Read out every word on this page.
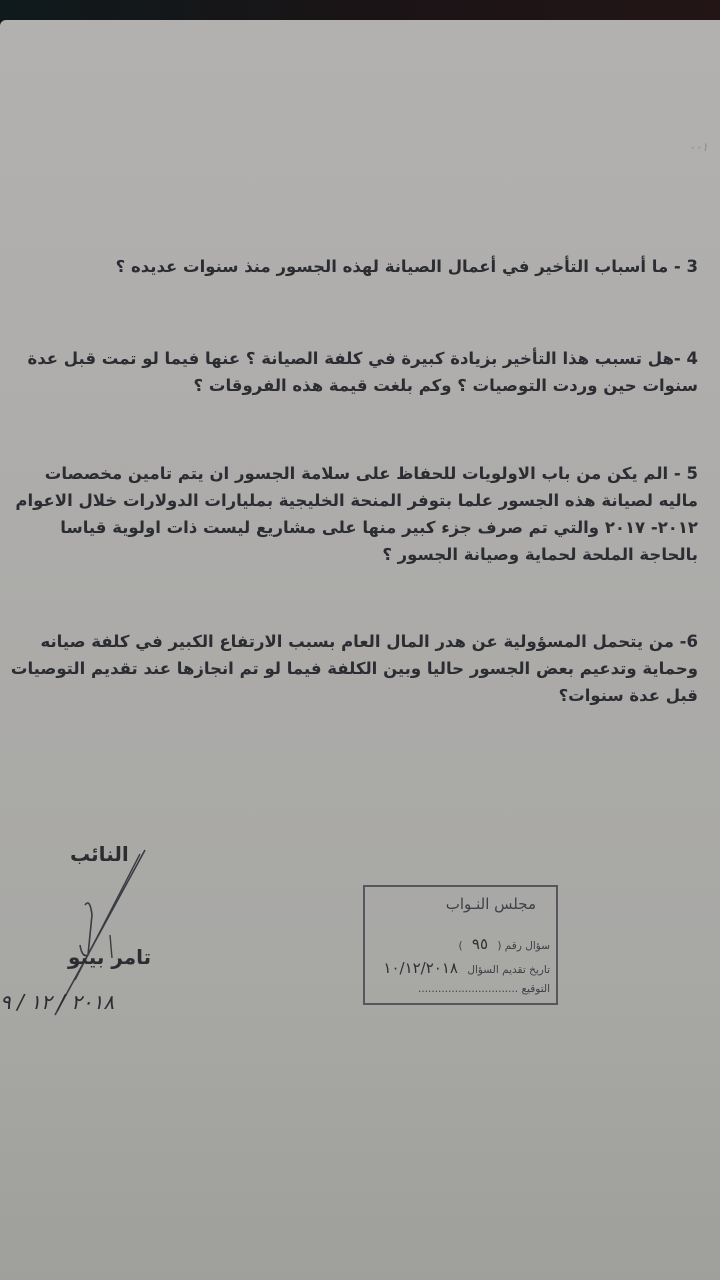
٠٠١
3 - ما أسباب التأخير في أعمال الصيانة لهذه الجسور منذ سنوات عديده ؟
4 -هل تسبب هذا التأخير بزيادة كبيرة في كلفة الصيانة ؟ عنها فيما لو تمت قبل عدة سنوات حين وردت التوصيات ؟ وكم بلغت قيمة هذه الفروقات ؟
5 - الم يكن من باب الاولويات للحفاظ على سلامة الجسور ان يتم تامين مخصصات ماليه لصيانة هذه الجسور علما بتوفر المنحة الخليجية بمليارات الدولارات خلال الاعوام ٢٠١٢- ٢٠١٧ والتي تم صرف جزء كبير منها على مشاريع ليست ذات اولوية قياسا بالحاجة الملحة لحماية وصيانة الجسور ؟
6- من يتحمل المسؤولية عن هدر المال العام بسبب الارتفاع الكبير في كلفة صيانه وحماية وتدعيم بعض الجسور حاليا وبين الكلفة فيما لو تم انجازها عند تقديم التوصيات قبل عدة سنوات؟
النائب
تامر بينو
٢٠١٨ / ١٢ / ٩
مجلس النـواب
سؤال رقم ( ٩٥ )
تاريخ تقديم السؤال ١٠/١٢/٢٠١٨
التوقيع ..............................
